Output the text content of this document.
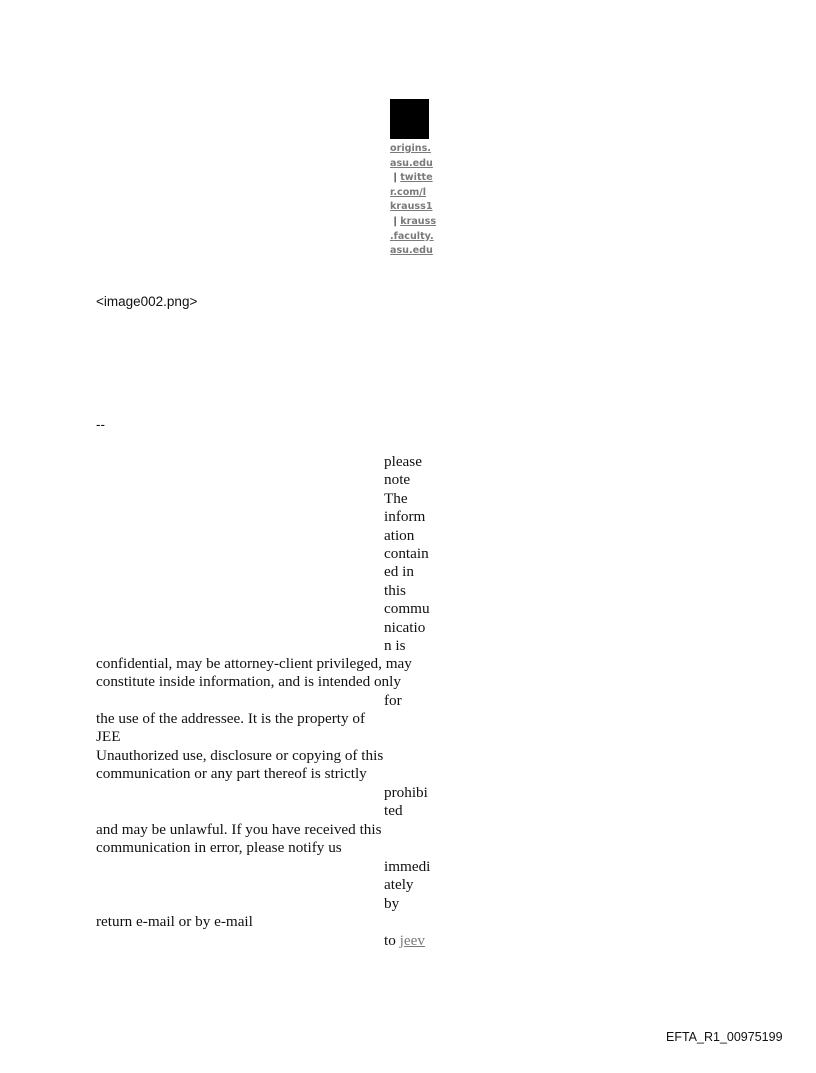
origins.
asu.edu
| twitte
r.com/l
krauss1
| krauss
.faculty.
asu.edu
<image002.png>
--
please
note
The
inform
ation
contain
ed in
this
commu
nicatio
n is
confidential, may be attorney-client privileged, may
constitute inside information, and is intended only
for
the use of the addressee. It is the property of
JEE
Unauthorized use, disclosure or copying of this
communication or any part thereof is strictly
prohibi
ted
and may be unlawful. If you have received this
communication in error, please notify us
immedi
ately
by
return e-mail or by e-mail
to jeev
EFTA_R1_00975199
